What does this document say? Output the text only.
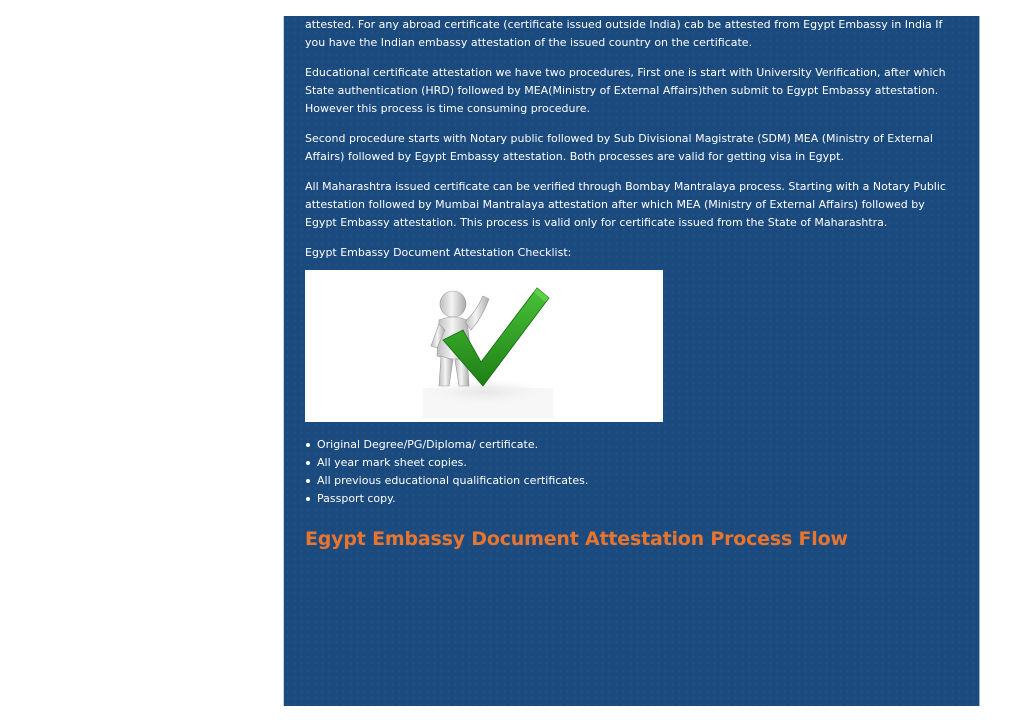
attested. For any abroad certificate (certificate issued outside India) cab be attested from Egypt Embassy in India If you have the Indian embassy attestation of the issued country on the certificate.

Educational certificate attestation we have two procedures, First one is start with University Verification, after which State authentication (HRD) followed by MEA(Ministry of External Affairs)then submit to Egypt Embassy attestation. However this process is time consuming procedure.

Second procedure starts with Notary public followed by Sub Divisional Magistrate (SDM) MEA (Ministry of External Affairs) followed by Egypt Embassy attestation. Both processes are valid for getting visa in Egypt.

All Maharashtra issued certificate can be verified through Bombay Mantralaya process. Starting with a Notary Public attestation followed by Mumbai Mantralaya attestation after which MEA (Ministry of External Affairs) followed by Egypt Embassy attestation. This process is valid only for certificate issued from the State of Maharashtra.

Egypt Embassy Document Attestation Checklist:

Original Degree/PG/Diploma/ certificate.
All year mark sheet copies.
All previous educational qualification certificates.
Passport copy.
Egypt Embassy Document Attestation Process Flow
